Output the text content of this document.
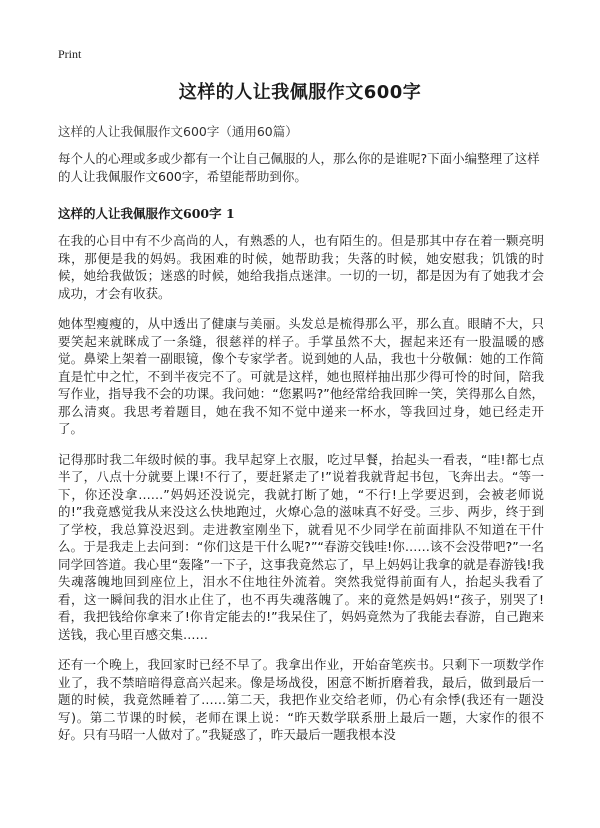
Print
这样的人让我佩服作文600字
这样的人让我佩服作文600字（通用60篇）

每个人的心理或多或少都有一个让自己佩服的人，那么你的是谁呢?下面小编整理了这样的人让我佩服作文600字，希望能帮助到你。

这样的人让我佩服作文600字 1

在我的心目中有不少高尚的人，有熟悉的人，也有陌生的。但是那其中存在着一颗亮明珠，那便是我的妈妈。我困难的时候，她帮助我；失落的时候，她安慰我；饥饿的时候，她给我做饭；迷惑的时候，她给我指点迷津。一切的一切，都是因为有了她我才会成功，才会有收获。

她体型瘦瘦的，从中透出了健康与美丽。头发总是梳得那么平，那么直。眼睛不大，只要笑起来就眯成了一条缝，很慈祥的样子。手掌虽然不大，握起来还有一股温暖的感觉。鼻梁上架着一副眼镜，像个专家学者。说到她的人品，我也十分敬佩：她的工作简直是忙中之忙，不到半夜完不了。可就是这样，她也照样抽出那少得可怜的时间，陪我写作业，指导我不会的功课。我问她：“您累吗?”他经常给我回眸一笑，笑得那么自然，那么清爽。我思考着题目，她在我不知不觉中递来一杯水，等我回过身，她已经走开了。

记得那时我二年级时候的事。我早起穿上衣服，吃过早餐，抬起头一看表，“哇!都七点半了，八点十分就要上课!不行了，要赶紧走了!”说着我就背起书包，飞奔出去。“等一下，你还没拿……”妈妈还没说完，我就打断了她，“不行!上学要迟到，会被老师说的!”我竟感觉我从来没这么快地跑过，火燎心急的滋味真不好受。三步、两步，终于到了学校，我总算没迟到。走进教室刚坐下，就看见不少同学在前面排队不知道在干什么。于是我走上去问到：“你们这是干什么呢?”“春游交钱哇!你……该不会没带吧?”一名同学回答道。我心里“轰隆”一下子，这事我竟然忘了，早上妈妈让我拿的就是春游钱!我失魂落魄地回到座位上，泪水不住地往外流着。突然我觉得前面有人，抬起头我看了看，这一瞬间我的泪水止住了，也不再失魂落魄了。来的竟然是妈妈!“孩子，别哭了!看，我把钱给你拿来了!你肯定能去的!”我呆住了，妈妈竟然为了我能去春游，自己跑来送钱，我心里百感交集……

还有一个晚上，我回家时已经不早了。我拿出作业，开始奋笔疾书。只剩下一项数学作业了，我不禁暗暗得意高兴起来。像是场战役，困意不断折磨着我，最后，做到最后一题的时候，我竟然睡着了……第二天，我把作业交给老师，仍心有余悸(我还有一题没写)。第二节课的时候，老师在课上说：“昨天数学联系册上最后一题，大家作的很不好。只有马昭一人做对了。”我疑惑了，昨天最后一题我根本没
